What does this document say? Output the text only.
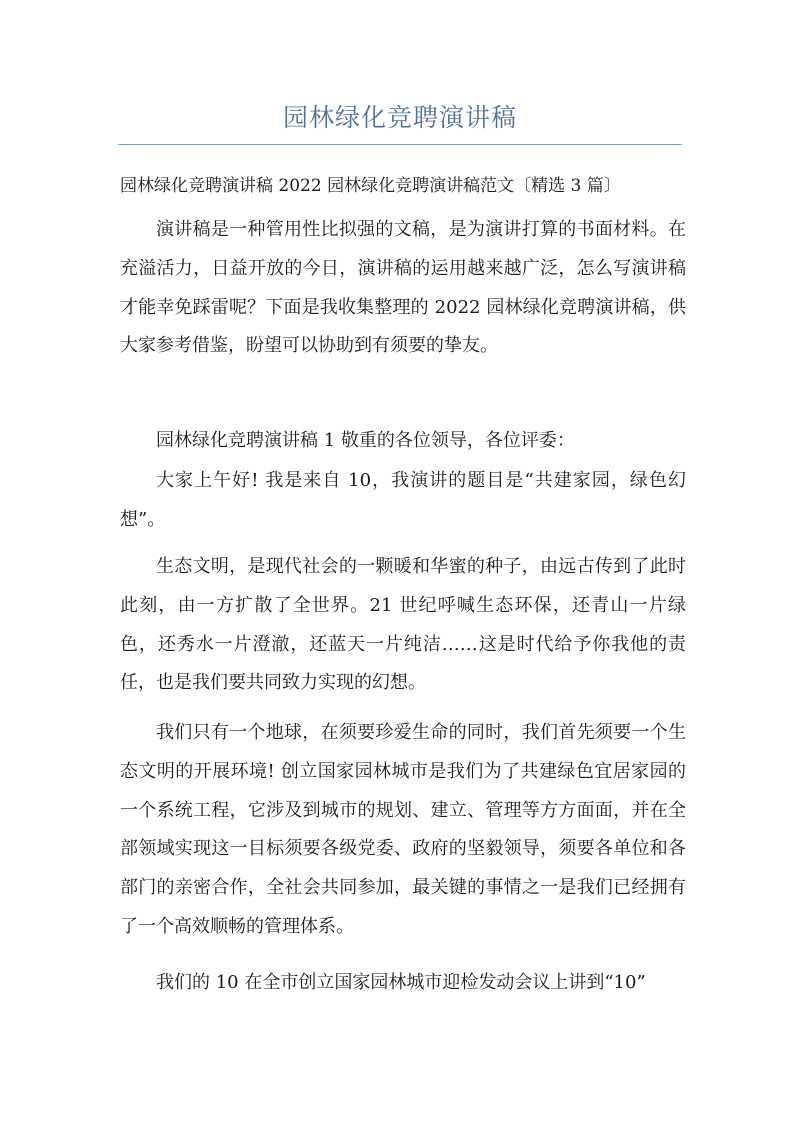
园林绿化竞聘演讲稿
园林绿化竞聘演讲稿 2022 园林绿化竞聘演讲稿范文〔精选 3 篇〕

演讲稿是一种管用性比拟强的文稿，是为演讲打算的书面材料。在充溢活力，日益开放的今日，演讲稿的运用越来越广泛，怎么写演讲稿才能幸免踩雷呢？下面是我收集整理的 2022 园林绿化竞聘演讲稿，供大家参考借鉴，盼望可以协助到有须要的挚友。

园林绿化竞聘演讲稿 1 敬重的各位领导，各位评委：

大家上午好! 我是来自 10，我演讲的题目是“共建家园，绿色幻想”。

生态文明，是现代社会的一颗暖和华蜜的种子，由远古传到了此时此刻，由一方扩散了全世界。21 世纪呼喊生态环保，还青山一片绿色，还秀水一片澄澈，还蓝天一片纯洁……这是时代给予你我他的责任，也是我们要共同致力实现的幻想。

我们只有一个地球，在须要珍爱生命的同时，我们首先须要一个生态文明的开展环境! 创立国家园林城市是我们为了共建绿色宜居家园的一个系统工程，它涉及到城市的规划、建立、管理等方方面面，并在全部领域实现这一目标须要各级党委、政府的坚毅领导，须要各单位和各部门的亲密合作，全社会共同参加，最关键的事情之一是我们已经拥有了一个高效顺畅的管理体系。

我们的 10 在全市创立国家园林城市迎检发动会议上讲到“10”
